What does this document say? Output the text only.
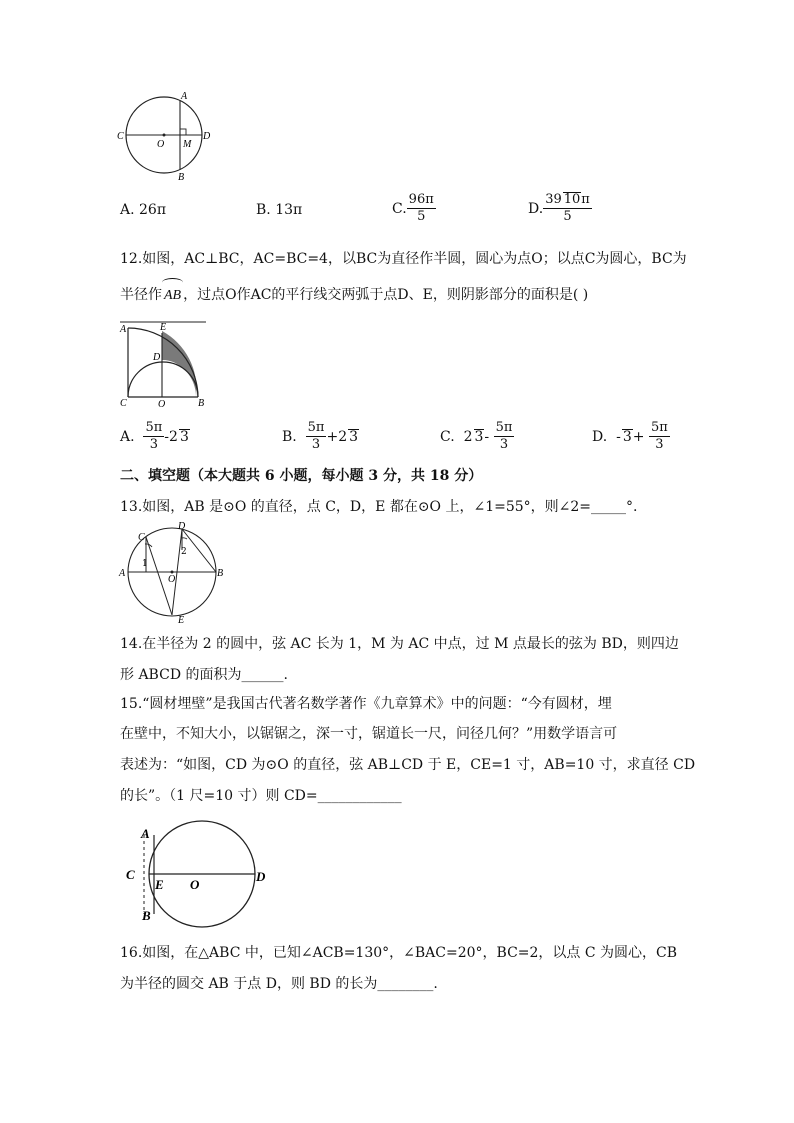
A
B
C	D
O M
A.
26π	B.
13π	C. $\frac{96\pi}{5}$	D. $\frac{39 10\pi}{5}$
12.如图，AC⊥BC，AC=BC=4，以BC为直径作半圆，圆心为点O；以点C为圆心，BC为
半径作 AB ，过点O作AC的平行线交两弧于点D、E，则阴影部分的面积是( )
A	E
D
C	O	B
A.
$\frac{5\pi}{3} -2$ 3	B.
$\frac{5\pi}{3} +2$ 3	C.
2 3 -
$\frac{5\pi}{3}$	D.
- 3 +
$\frac{5\pi}{3}$
二、填空题（本大题共 6 小题，每小题 3 分，共 18 分）
13.如图，AB 是⊙O 的直径，点 C，D，E 都在⊙O 上，∠1=55°，则∠2=_____°.
C
D
A	B
O
E
1
2
14.在半径为 2 的圆中，弦 AC 长为 1，M 为 AC 中点，过 M 点最长的弦为 BD，则四边
形 ABCD 的面积为______.
15.“圆材埋壁”是我国古代著名数学著作《九章算术》中的问题：“今有圆材，埋
在壁中，不知大小，以锯锯之，深一寸，锯道长一尺，问径几何？”用数学语言可
表述为：“如图，CD 为⊙O 的直径，弦 AB⊥CD 于 E，CE=1 寸，AB=10 寸，求直径 CD
的长”。（1 尺=10 寸）则 CD=____________
A
B
C	D
E O
16.如图，在△ABC 中，已知∠ACB=130°，∠BAC=20°，BC=2，以点 C 为圆心，CB
为半径的圆交 AB 于点 D，则 BD 的长为________.
